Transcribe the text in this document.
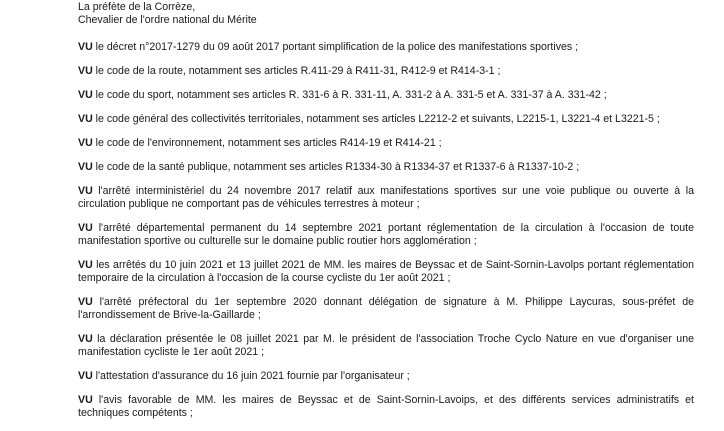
La préfète de la Corrèze,
Chevalier de l'ordre national du Mérite

VU le décret n°2017-1279 du 09 août 2017 portant simplification de la police des manifestations sportives ;

VU le code de la route, notamment ses articles R.411-29 à R411-31, R412-9 et R414-3-1 ;

VU le code du sport, notamment ses articles R. 331-6 à R. 331-11, A. 331-2 à A. 331-5 et A. 331-37 à A. 331-42 ;

VU le code général des collectivités territoriales, notamment ses articles L2212-2 et suivants, L2215-1, L3221-4 et L3221-5 ;

VU le code de l'environnement, notamment ses articles R414-19 et R414-21 ;

VU le code de la santé publique, notamment ses articles R1334-30 à R1334-37 et R1337-6 à R1337-10-2 ;

VU l'arrêté interministériel du 24 novembre 2017 relatif aux manifestations sportives sur une voie publique ou ouverte à la circulation publique ne comportant pas de véhicules terrestres à moteur ;

VU l'arrêté départemental permanent du 14 septembre 2021 portant réglementation de la circulation à l'occasion de toute manifestation sportive ou culturelle sur le domaine public routier hors agglomération ;

VU les arrêtés du 10 juin 2021 et 13 juillet 2021 de MM. les maires de Beyssac et de Saint-Sornin-Lavolps portant réglementation temporaire de la circulation à l'occasion de la course cycliste du 1er août 2021 ;

VU l'arrêté préfectoral du 1er septembre 2020 donnant délégation de signature à M. Philippe Laycuras, sous-préfet de l'arrondissement de Brive-la-Gaillarde ;

VU la déclaration présentée le 08 juillet 2021 par M. le président de l'association Troche Cyclo Nature en vue d'organiser une manifestation cycliste le 1er août 2021 ;

VU l'attestation d'assurance du 16 juin 2021 fournie par l'organisateur ;

VU l'avis favorable de MM. les maires de Beyssac et de Saint-Sornin-Lavoips, et des différents services administratifs et techniques compétents ;
